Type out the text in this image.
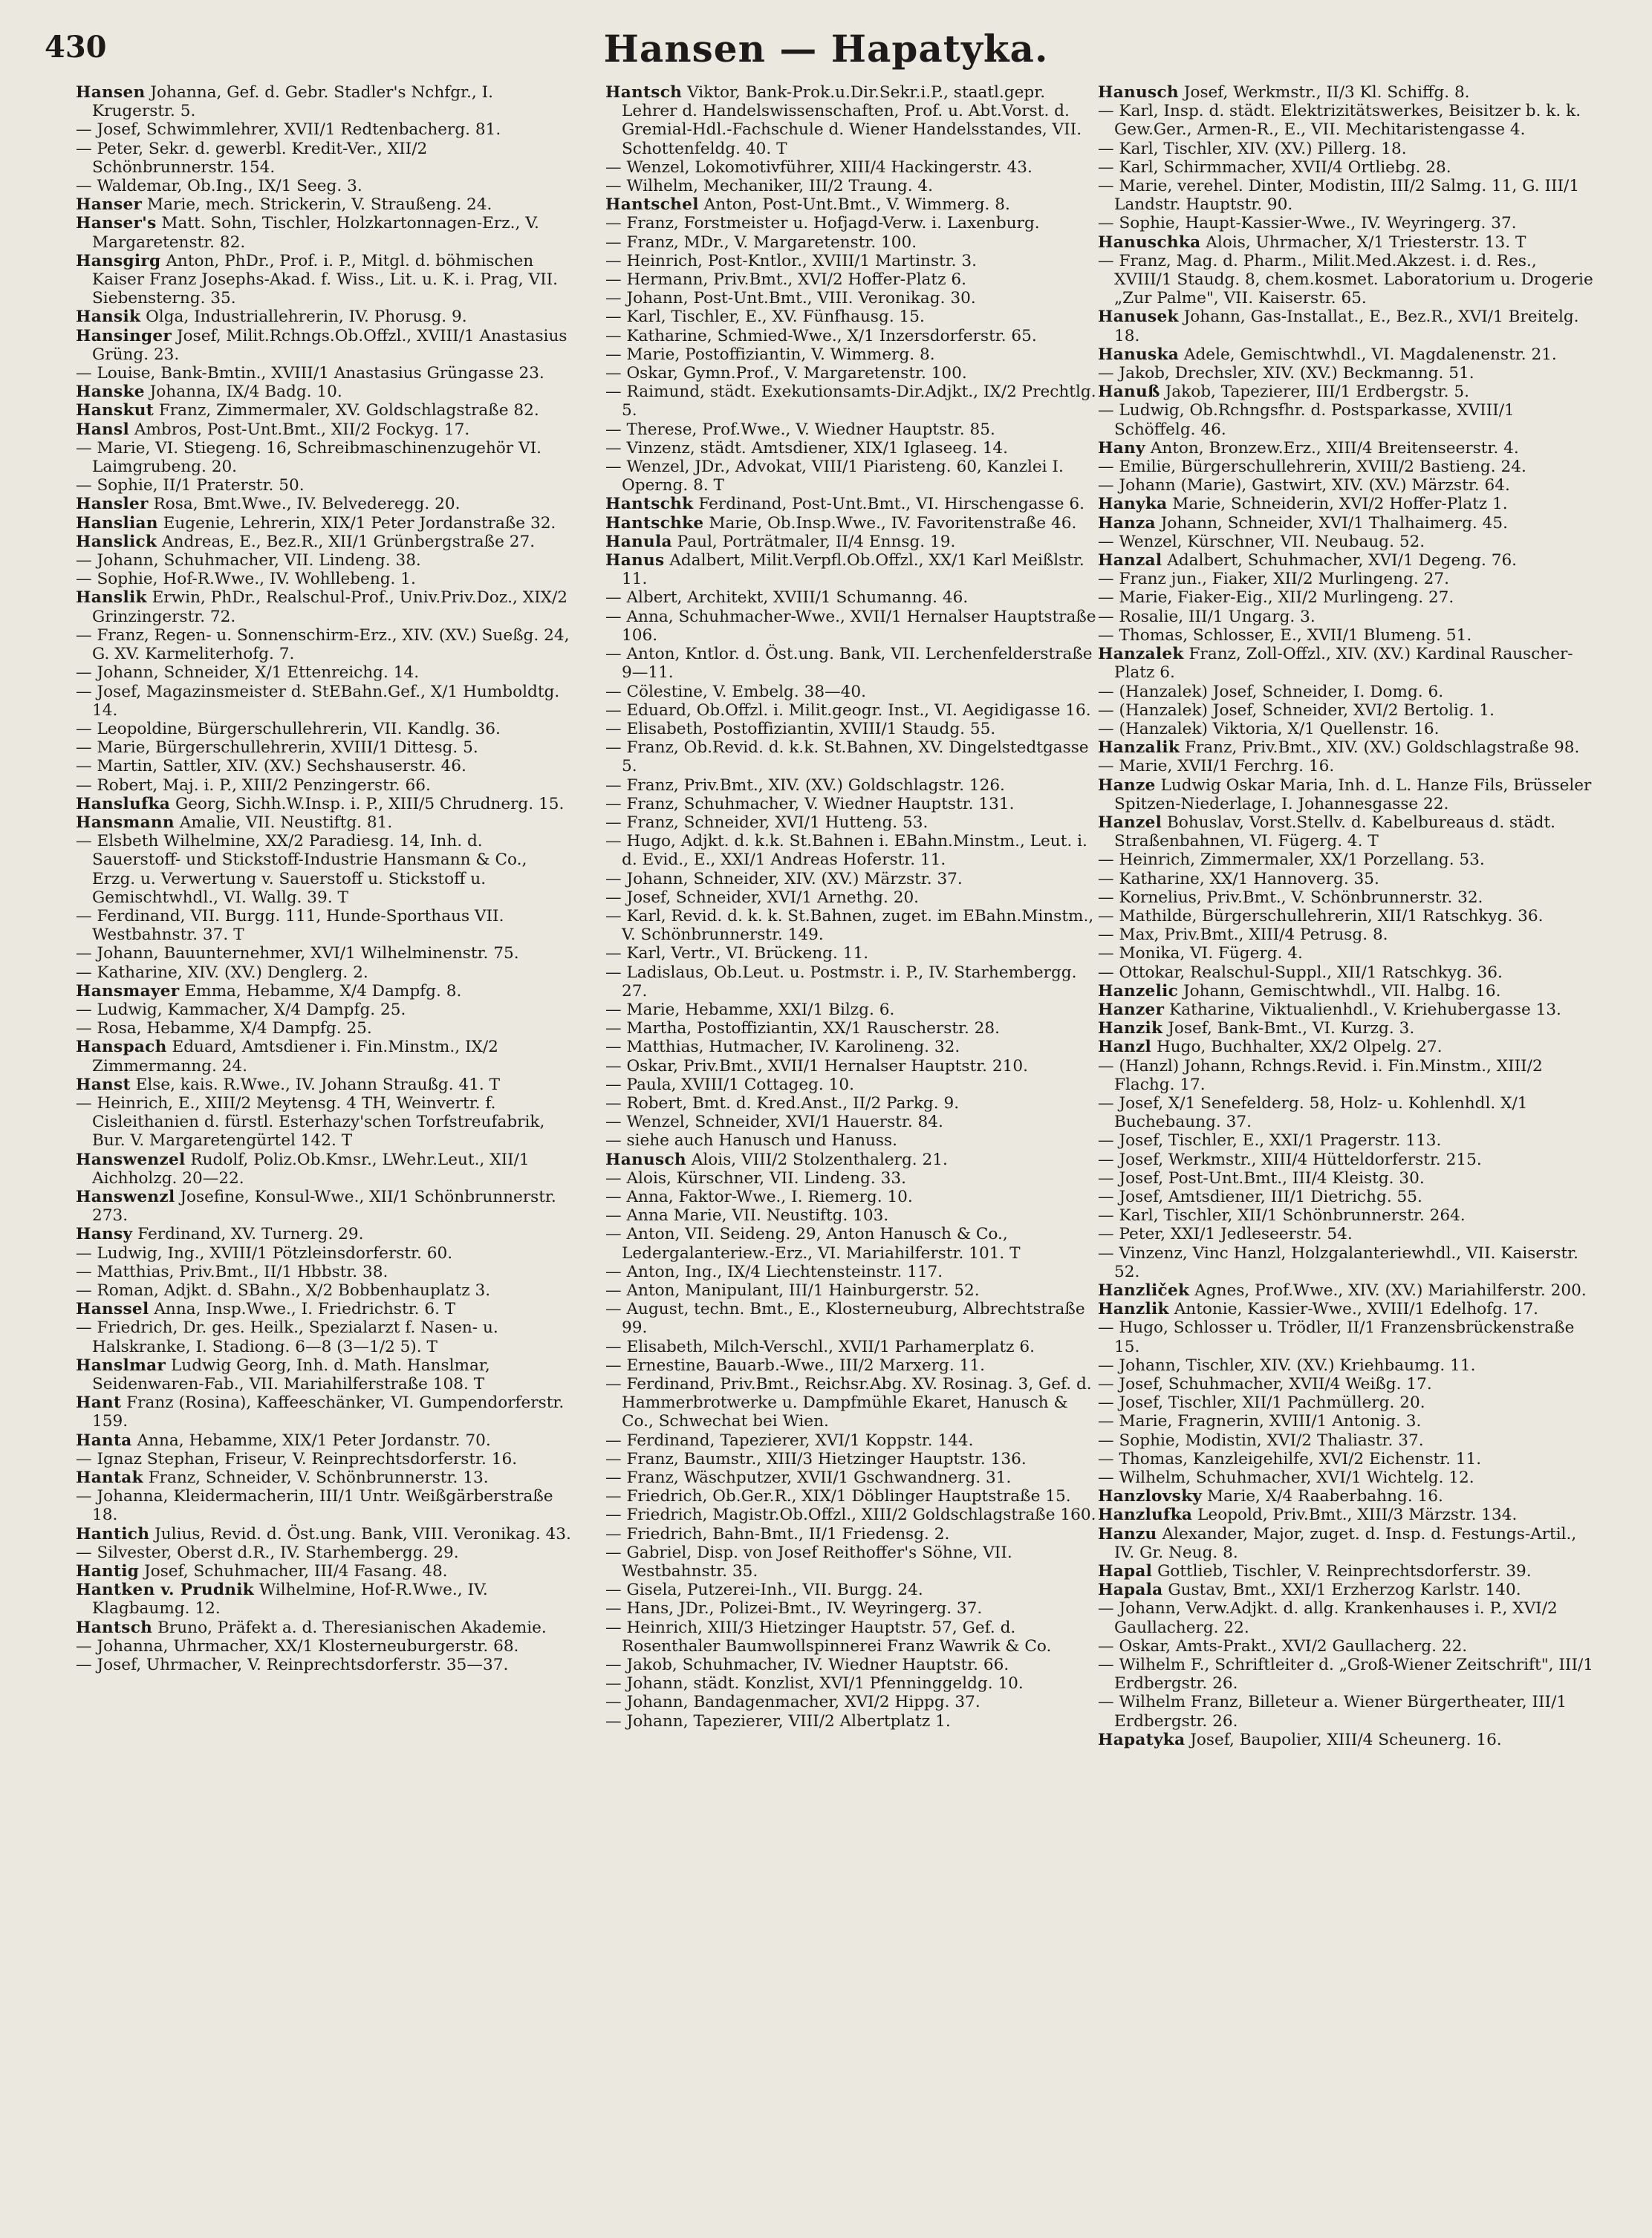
430	Hansen — Hapatyka.

Hansen Johanna, Gef. d. Gebr. Stadler's Nchfgr., I. Krugerstr. 5.

— Josef, Schwimmlehrer, XVII/1 Redtenbacherg. 81.

— Peter, Sekr. d. gewerbl. Kredit-Ver., XII/2 Schönbrunnerstr. 154.

— Waldemar, Ob.Ing., IX/1 Seeg. 3.

Hanser Marie, mech. Strickerin, V. Straußeng. 24.

Hanser's Matt. Sohn, Tischler, Holzkartonnagen-Erz., V. Margaretenstr. 82.

Hansgirg Anton, PhDr., Prof. i. P., Mitgl. d. böhmischen Kaiser Franz Josephs-Akad. f. Wiss., Lit. u. K. i. Prag, VII. Siebensterng. 35.

Hansik Olga, Industriallehrerin, IV. Phorusg. 9.

Hansinger Josef, Milit.Rchngs.Ob.Offzl., XVIII/1 Anastasius Grüng. 23.

— Louise, Bank-Bmtin., XVIII/1 Anastasius Grüngasse 23.

Hanske Johanna, IX/4 Badg. 10.

Hanskut Franz, Zimmermaler, XV. Goldschlagstraße 82.

Hansl Ambros, Post-Unt.Bmt., XII/2 Fockyg. 17.

— Marie, VI. Stiegeng. 16, Schreibmaschinenzugehör VI. Laimgrubeng. 20.

— Sophie, II/1 Praterstr. 50.

Hansler Rosa, Bmt.Wwe., IV. Belvederegg. 20.

Hanslian Eugenie, Lehrerin, XIX/1 Peter Jordanstraße 32.

Hanslick Andreas, E., Bez.R., XII/1 Grünbergstraße 27.

— Johann, Schuhmacher, VII. Lindeng. 38.

— Sophie, Hof-R.Wwe., IV. Wohllebeng. 1.

Hanslik Erwin, PhDr., Realschul-Prof., Univ.Priv.Doz., XIX/2 Grinzingerstr. 72.

— Franz, Regen- u. Sonnenschirm-Erz., XIV. (XV.) Sueßg. 24, G. XV. Karmeliterhofg. 7.

— Johann, Schneider, X/1 Ettenreichg. 14.

— Josef, Magazinsmeister d. StEBahn.Gef., X/1 Humboldtg. 14.

— Leopoldine, Bürgerschullehrerin, VII. Kandlg. 36.

— Marie, Bürgerschullehrerin, XVIII/1 Dittesg. 5.

— Martin, Sattler, XIV. (XV.) Sechshauserstr. 46.

— Robert, Maj. i. P., XIII/2 Penzingerstr. 66.

Hanslufka Georg, Sichh.W.Insp. i. P., XIII/5 Chrudnerg. 15.

Hansmann Amalie, VII. Neustiftg. 81.

— Elsbeth Wilhelmine, XX/2 Paradiesg. 14, Inh. d. Sauerstoff- und Stickstoff-Industrie Hansmann & Co., Erzg. u. Verwertung v. Sauerstoff u. Stickstoff u. Gemischtwhdl., VI. Wallg. 39. T

— Ferdinand, VII. Burgg. 111, Hunde-Sporthaus VII. Westbahnstr. 37. T

— Johann, Bauunternehmer, XVI/1 Wilhelminenstr. 75.

— Katharine, XIV. (XV.) Denglerg. 2.

Hansmayer Emma, Hebamme, X/4 Dampfg. 8.

— Ludwig, Kammacher, X/4 Dampfg. 25.

— Rosa, Hebamme, X/4 Dampfg. 25.

Hanspach Eduard, Amtsdiener i. Fin.Minstm., IX/2 Zimmermanng. 24.

Hanst Else, kais. R.Wwe., IV. Johann Straußg. 41. T

— Heinrich, E., XIII/2 Meytensg. 4 TH, Weinvertr. f. Cisleithanien d. fürstl. Esterhazy'schen Torfstreufabrik, Bur. V. Margaretengürtel 142. T

Hanswenzel Rudolf, Poliz.Ob.Kmsr., LWehr.Leut., XII/1 Aichholzg. 20—22.

Hanswenzl Josefine, Konsul-Wwe., XII/1 Schönbrunnerstr. 273.

Hansy Ferdinand, XV. Turnerg. 29.

— Ludwig, Ing., XVIII/1 Pötzleinsdorferstr. 60.

— Matthias, Priv.Bmt., II/1 Hbbstr. 38.

— Roman, Adjkt. d. SBahn., X/2 Bobbenhauplatz 3.

Hanssel Anna, Insp.Wwe., I. Friedrichstr. 6. T

— Friedrich, Dr. ges. Heilk., Spezialarzt f. Nasen- u. Halskranke, I. Stadiong. 6—8 (3—1/2 5). T

Hanslmar Ludwig Georg, Inh. d. Math. Hanslmar, Seidenwaren-Fab., VII. Mariahilferstraße 108. T

Hant Franz (Rosina), Kaffeeschänker, VI. Gumpendorferstr. 159.

Hanta Anna, Hebamme, XIX/1 Peter Jordanstr. 70.

— Ignaz Stephan, Friseur, V. Reinprechtsdorferstr. 16.

Hantak Franz, Schneider, V. Schönbrunnerstr. 13.

— Johanna, Kleidermacherin, III/1 Untr. Weißgärberstraße 18.

Hantich Julius, Revid. d. Öst.ung. Bank, VIII. Veronikag. 43.

— Silvester, Oberst d.R., IV. Starhembergg. 29.

Hantig Josef, Schuhmacher, III/4 Fasang. 48.

Hantken v. Prudnik Wilhelmine, Hof-R.Wwe., IV. Klagbaumg. 12.

Hantsch Bruno, Präfekt a. d. Theresianischen Akademie.

— Johanna, Uhrmacher, XX/1 Klosterneuburgerstr. 68.

— Josef, Uhrmacher, V. Reinprechtsdorferstr. 35—37.

Hantsch Viktor, Bank-Prok.u.Dir.Sekr.i.P., staatl.gepr. Lehrer d. Handelswissenschaften, Prof. u. Abt.Vorst. d. Gremial-Hdl.-Fachschule d. Wiener Handelsstandes, VII. Schottenfeldg. 40. T

— Wenzel, Lokomotivführer, XIII/4 Hackingerstr. 43.

— Wilhelm, Mechaniker, III/2 Traung. 4.

Hantschel Anton, Post-Unt.Bmt., V. Wimmerg. 8.

— Franz, Forstmeister u. Hofjagd-Verw. i. Laxenburg.

— Franz, MDr., V. Margaretenstr. 100.

— Heinrich, Post-Kntlor., XVIII/1 Martinstr. 3.

— Hermann, Priv.Bmt., XVI/2 Hoffer-Platz 6.

— Johann, Post-Unt.Bmt., VIII. Veronikag. 30.

— Karl, Tischler, E., XV. Fünfhausg. 15.

— Katharine, Schmied-Wwe., X/1 Inzersdorferstr. 65.

— Marie, Postoffiziantin, V. Wimmerg. 8.

— Oskar, Gymn.Prof., V. Margaretenstr. 100.

— Raimund, städt. Exekutionsamts-Dir.Adjkt., IX/2 Prechtlg. 5.

— Therese, Prof.Wwe., V. Wiedner Hauptstr. 85.

— Vinzenz, städt. Amtsdiener, XIX/1 Iglaseeg. 14.

— Wenzel, JDr., Advokat, VIII/1 Piaristeng. 60, Kanzlei I. Operng. 8. T

Hantschk Ferdinand, Post-Unt.Bmt., VI. Hirschengasse 6.

Hantschke Marie, Ob.Insp.Wwe., IV. Favoritenstraße 46.

Hanula Paul, Porträtmaler, II/4 Ennsg. 19.

Hanus Adalbert, Milit.Verpfl.Ob.Offzl., XX/1 Karl Meißlstr. 11.

— Albert, Architekt, XVIII/1 Schumanng. 46.

— Anna, Schuhmacher-Wwe., XVII/1 Hernalser Hauptstraße 106.

— Anton, Kntlor. d. Öst.ung. Bank, VII. Lerchenfelderstraße 9—11.

— Cölestine, V. Embelg. 38—40.

— Eduard, Ob.Offzl. i. Milit.geogr. Inst., VI. Aegidigasse 16.

— Elisabeth, Postoffiziantin, XVIII/1 Staudg. 55.

— Franz, Ob.Revid. d. k.k. St.Bahnen, XV. Dingelstedtgasse 5.

— Franz, Priv.Bmt., XIV. (XV.) Goldschlagstr. 126.

— Franz, Schuhmacher, V. Wiedner Hauptstr. 131.

— Franz, Schneider, XVI/1 Hutteng. 53.

— Hugo, Adjkt. d. k.k. St.Bahnen i. EBahn.Minstm., Leut. i. d. Evid., E., XXI/1 Andreas Hoferstr. 11.

— Johann, Schneider, XIV. (XV.) Märzstr. 37.

— Josef, Schneider, XVI/1 Arnethg. 20.

— Karl, Revid. d. k. k. St.Bahnen, zuget. im EBahn.Minstm., V. Schönbrunnerstr. 149.

— Karl, Vertr., VI. Brückeng. 11.

— Ladislaus, Ob.Leut. u. Postmstr. i. P., IV. Starhembergg. 27.

— Marie, Hebamme, XXI/1 Bilzg. 6.

— Martha, Postoffiziantin, XX/1 Rauscherstr. 28.

— Matthias, Hutmacher, IV. Karolineng. 32.

— Oskar, Priv.Bmt., XVII/1 Hernalser Hauptstr. 210.

— Paula, XVIII/1 Cottageg. 10.

— Robert, Bmt. d. Kred.Anst., II/2 Parkg. 9.

— Wenzel, Schneider, XVI/1 Hauerstr. 84.

— siehe auch Hanusch und Hanuss.

Hanusch Alois, VIII/2 Stolzenthalerg. 21.

— Alois, Kürschner, VII. Lindeng. 33.

— Anna, Faktor-Wwe., I. Riemerg. 10.

— Anna Marie, VII. Neustiftg. 103.

— Anton, VII. Seideng. 29, Anton Hanusch & Co., Ledergalanteriew.-Erz., VI. Mariahilferstr. 101. T

— Anton, Ing., IX/4 Liechtensteinstr. 117.

— Anton, Manipulant, III/1 Hainburgerstr. 52.

— August, techn. Bmt., E., Klosterneuburg, Albrechtstraße 99.

— Elisabeth, Milch-Verschl., XVII/1 Parhamerplatz 6.

— Ernestine, Bauarb.-Wwe., III/2 Marxerg. 11.

— Ferdinand, Priv.Bmt., Reichsr.Abg. XV. Rosinag. 3, Gef. d. Hammerbrotwerke u. Dampfmühle Ekaret, Hanusch & Co., Schwechat bei Wien.

— Ferdinand, Tapezierer, XVI/1 Koppstr. 144.

— Franz, Baumstr., XIII/3 Hietzinger Hauptstr. 136.

— Franz, Wäschputzer, XVII/1 Gschwandnerg. 31.

— Friedrich, Ob.Ger.R., XIX/1 Döblinger Hauptstraße 15.

— Friedrich, Magistr.Ob.Offzl., XIII/2 Goldschlagstraße 160.

— Friedrich, Bahn-Bmt., II/1 Friedensg. 2.

— Gabriel, Disp. von Josef Reithoffer's Söhne, VII. Westbahnstr. 35.

— Gisela, Putzerei-Inh., VII. Burgg. 24.

— Hans, JDr., Polizei-Bmt., IV. Weyringerg. 37.

— Heinrich, XIII/3 Hietzinger Hauptstr. 57, Gef. d. Rosenthaler Baumwollspinnerei Franz Wawrik & Co.

— Jakob, Schuhmacher, IV. Wiedner Hauptstr. 66.

— Johann, städt. Konzlist, XVI/1 Pfenninggeldg. 10.

— Johann, Bandagenmacher, XVI/2 Hippg. 37.

— Johann, Tapezierer, VIII/2 Albertplatz 1.

Hanusch Josef, Werkmstr., II/3 Kl. Schiffg. 8.

— Karl, Insp. d. städt. Elektrizitätswerkes, Beisitzer b. k. k. Gew.Ger., Armen-R., E., VII. Mechitaristengasse 4.

— Karl, Tischler, XIV. (XV.) Pillerg. 18.

— Karl, Schirmmacher, XVII/4 Ortliebg. 28.

— Marie, verehel. Dinter, Modistin, III/2 Salmg. 11, G. III/1 Landstr. Hauptstr. 90.

— Sophie, Haupt-Kassier-Wwe., IV. Weyringerg. 37.

Hanuschka Alois, Uhrmacher, X/1 Triesterstr. 13. T

— Franz, Mag. d. Pharm., Milit.Med.Akzest. i. d. Res., XVIII/1 Staudg. 8, chem.kosmet. Laboratorium u. Drogerie „Zur Palme", VII. Kaiserstr. 65.

Hanusek Johann, Gas-Installat., E., Bez.R., XVI/1 Breitelg. 18.

Hanuska Adele, Gemischtwhdl., VI. Magdalenenstr. 21.

— Jakob, Drechsler, XIV. (XV.) Beckmanng. 51.

Hanuß Jakob, Tapezierer, III/1 Erdbergstr. 5.

— Ludwig, Ob.Rchngsfhr. d. Postsparkasse, XVIII/1 Schöffelg. 46.

Hany Anton, Bronzew.Erz., XIII/4 Breitenseerstr. 4.

— Emilie, Bürgerschullehrerin, XVIII/2 Bastieng. 24.

— Johann (Marie), Gastwirt, XIV. (XV.) Märzstr. 64.

Hanyka Marie, Schneiderin, XVI/2 Hoffer-Platz 1.

Hanza Johann, Schneider, XVI/1 Thalhaimerg. 45.

— Wenzel, Kürschner, VII. Neubaug. 52.

Hanzal Adalbert, Schuhmacher, XVI/1 Degeng. 76.

— Franz jun., Fiaker, XII/2 Murlingeng. 27.

— Marie, Fiaker-Eig., XII/2 Murlingeng. 27.

— Rosalie, III/1 Ungarg. 3.

— Thomas, Schlosser, E., XVII/1 Blumeng. 51.

Hanzalek Franz, Zoll-Offzl., XIV. (XV.) Kardinal Rauscher-Platz 6.

— (Hanzalek) Josef, Schneider, I. Domg. 6.

— (Hanzalek) Josef, Schneider, XVI/2 Bertolig. 1.

— (Hanzalek) Viktoria, X/1 Quellenstr. 16.

Hanzalik Franz, Priv.Bmt., XIV. (XV.) Goldschlagstraße 98.

— Marie, XVII/1 Ferchrg. 16.

Hanze Ludwig Oskar Maria, Inh. d. L. Hanze Fils, Brüsseler Spitzen-Niederlage, I. Johannesgasse 22.

Hanzel Bohuslav, Vorst.Stellv. d. Kabelbureaus d. städt. Straßenbahnen, VI. Fügerg. 4. T

— Heinrich, Zimmermaler, XX/1 Porzellang. 53.

— Katharine, XX/1 Hannoverg. 35.

— Kornelius, Priv.Bmt., V. Schönbrunnerstr. 32.

— Mathilde, Bürgerschullehrerin, XII/1 Ratschkyg. 36.

— Max, Priv.Bmt., XIII/4 Petrusg. 8.

— Monika, VI. Fügerg. 4.

— Ottokar, Realschul-Suppl., XII/1 Ratschkyg. 36.

Hanzelic Johann, Gemischtwhdl., VII. Halbg. 16.

Hanzer Katharine, Viktualienhdl., V. Kriehubergasse 13.

Hanzik Josef, Bank-Bmt., VI. Kurzg. 3.

Hanzl Hugo, Buchhalter, XX/2 Olpelg. 27.

— (Hanzl) Johann, Rchngs.Revid. i. Fin.Minstm., XIII/2 Flachg. 17.

— Josef, X/1 Senefelderg. 58, Holz- u. Kohlenhdl. X/1 Buchebaung. 37.

— Josef, Tischler, E., XXI/1 Pragerstr. 113.

— Josef, Werkmstr., XIII/4 Hütteldorferstr. 215.

— Josef, Post-Unt.Bmt., III/4 Kleistg. 30.

— Josef, Amtsdiener, III/1 Dietrichg. 55.

— Karl, Tischler, XII/1 Schönbrunnerstr. 264.

— Peter, XXI/1 Jedleseerstr. 54.

— Vinzenz, Vinc Hanzl, Holzgalanteriewhdl., VII. Kaiserstr. 52.

Hanzliček Agnes, Prof.Wwe., XIV. (XV.) Mariahilferstr. 200.

Hanzlik Antonie, Kassier-Wwe., XVIII/1 Edelhofg. 17.

— Hugo, Schlosser u. Trödler, II/1 Franzensbrückenstraße 15.

— Johann, Tischler, XIV. (XV.) Kriehbaumg. 11.

— Josef, Schuhmacher, XVII/4 Weißg. 17.

— Josef, Tischler, XII/1 Pachmüllerg. 20.

— Marie, Fragnerin, XVIII/1 Antonig. 3.

— Sophie, Modistin, XVI/2 Thaliastr. 37.

— Thomas, Kanzleigehilfe, XVI/2 Eichenstr. 11.

— Wilhelm, Schuhmacher, XVI/1 Wichtelg. 12.

Hanzlovsky Marie, X/4 Raaberbahng. 16.

Hanzlufka Leopold, Priv.Bmt., XIII/3 Märzstr. 134.

Hanzu Alexander, Major, zuget. d. Insp. d. Festungs-Artil., IV. Gr. Neug. 8.

Hapal Gottlieb, Tischler, V. Reinprechtsdorferstr. 39.

Hapala Gustav, Bmt., XXI/1 Erzherzog Karlstr. 140.

— Johann, Verw.Adjkt. d. allg. Krankenhauses i. P., XVI/2 Gaullacherg. 22.

— Oskar, Amts-Prakt., XVI/2 Gaullacherg. 22.

— Wilhelm F., Schriftleiter d. „Groß-Wiener Zeitschrift", III/1 Erdbergstr. 26.

— Wilhelm Franz, Billeteur a. Wiener Bürgertheater, III/1 Erdbergstr. 26.

Hapatyka Josef, Baupolier, XIII/4 Scheunerg. 16.
